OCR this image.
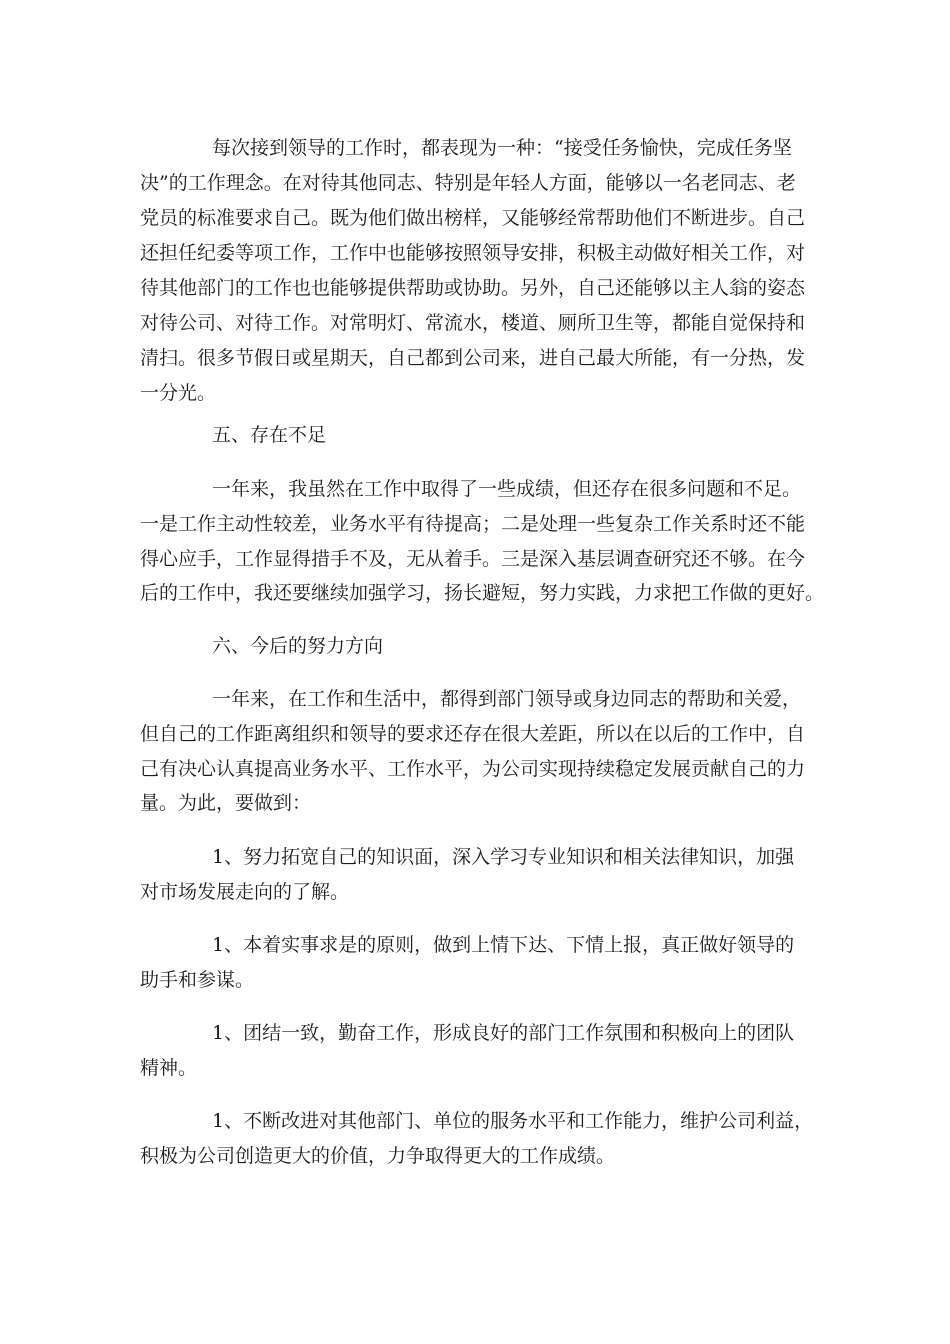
每次接到领导的工作时，都表现为一种：“接受任务愉快，完成任务坚
决”的工作理念。在对待其他同志、特别是年轻人方面，能够以一名老同志、老
党员的标准要求自己。既为他们做出榜样，又能够经常帮助他们不断进步。自己
还担任纪委等项工作，工作中也能够按照领导安排，积极主动做好相关工作，对
待其他部门的工作也也能够提供帮助或协助。另外，自己还能够以主人翁的姿态
对待公司、对待工作。对常明灯、常流水，楼道、厕所卫生等，都能自觉保持和
清扫。很多节假日或星期天，自己都到公司来，进自己最大所能，有一分热，发
一分光。
五、存在不足
一年来，我虽然在工作中取得了一些成绩，但还存在很多问题和不足。
一是工作主动性较差，业务水平有待提高；二是处理一些复杂工作关系时还不能
得心应手，工作显得措手不及，无从着手。三是深入基层调查研究还不够。在今
后的工作中，我还要继续加强学习，扬长避短，努力实践，力求把工作做的更好。
六、今后的努力方向
一年来，在工作和生活中，都得到部门领导或身边同志的帮助和关爱，
但自己的工作距离组织和领导的要求还存在很大差距，所以在以后的工作中，自
己有决心认真提高业务水平、工作水平，为公司实现持续稳定发展贡献自己的力
量。为此，要做到：
1、努力拓宽自己的知识面，深入学习专业知识和相关法律知识，加强
对市场发展走向的了解。
1、本着实事求是的原则，做到上情下达、下情上报，真正做好领导的
助手和参谋。
1、团结一致，勤奋工作，形成良好的部门工作氛围和积极向上的团队
精神。
1、不断改进对其他部门、单位的服务水平和工作能力，维护公司利益，
积极为公司创造更大的价值，力争取得更大的工作成绩。
